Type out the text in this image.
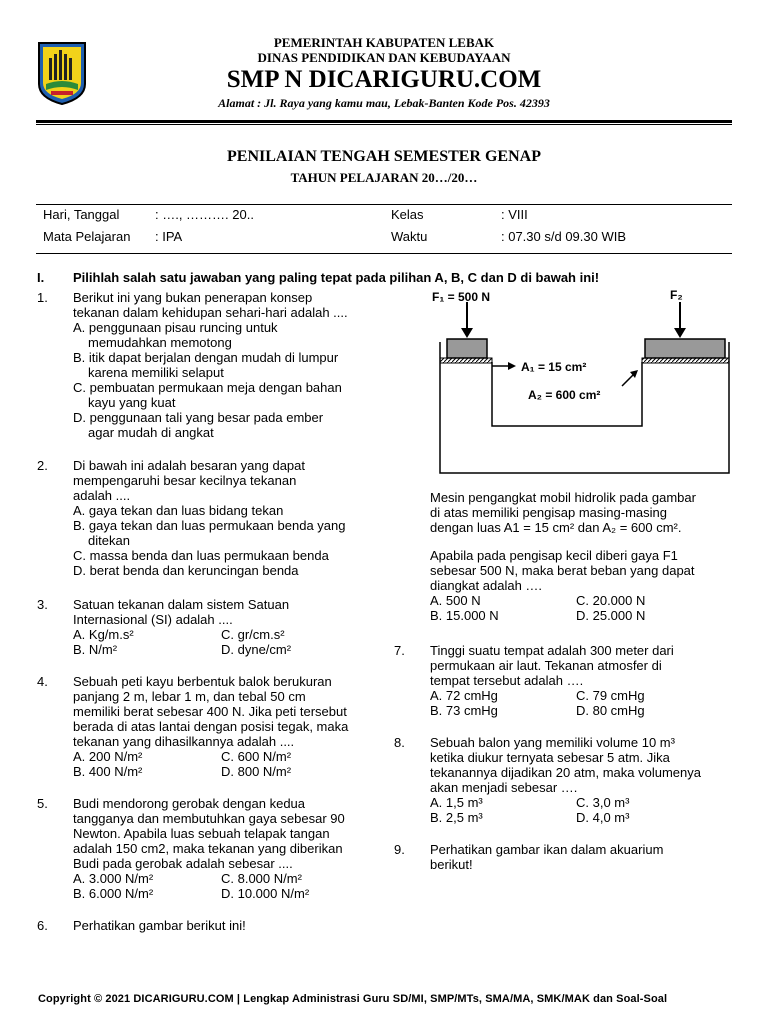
PEMERINTAH KABUPATEN LEBAK
DINAS PENDIDIKAN DAN KEBUDAYAAN
SMP N DICARIGURU.COM
Alamat : Jl. Raya yang kamu mau, Lebak-Banten Kode Pos. 42393
PENILAIAN TENGAH SEMESTER GENAP
TAHUN PELAJARAN 20…/20…
Hari, Tanggal	: …., ………. 20..	Kelas	: VIII
Mata Pelajaran : IPA	Waktu	: 07.30 s/d 09.30 WIB
I. Pilihlah salah satu jawaban yang paling tepat pada pilihan A, B, C dan D di bawah ini!
1. Berikut ini yang bukan penerapan konsep
tekanan dalam kehidupan sehari-hari adalah ....
A. penggunaan pisau runcing untuk
memudahkan memotong
B. itik dapat berjalan dengan mudah di lumpur
karena memiliki selaput
C. pembuatan permukaan meja dengan bahan
kayu yang kuat
D. penggunaan tali yang besar pada ember
agar mudah di angkat
2. Di bawah ini adalah besaran yang dapat
mempengaruhi besar kecilnya tekanan
adalah ....
A. gaya tekan dan luas bidang tekan
B. gaya tekan dan luas permukaan benda yang
ditekan
C. massa benda dan luas permukaan benda
D. berat benda dan keruncingan benda
3. Satuan tekanan dalam sistem Satuan
Internasional (SI) adalah ....
A. Kg/m.s²	C. gr/cm.s²
B. N/m²	D. dyne/cm²
4. Sebuah peti kayu berbentuk balok berukuran
panjang 2 m, lebar 1 m, dan tebal 50 cm
memiliki berat sebesar 400 N. Jika peti tersebut
berada di atas lantai dengan posisi tegak, maka
tekanan yang dihasilkannya adalah ....
A. 200 N/m²	C. 600 N/m²
B. 400 N/m²	D. 800 N/m²
5. Budi mendorong gerobak dengan kedua
tangganya dan membutuhkan gaya sebesar 90
Newton. Apabila luas sebuah telapak tangan
adalah 150 cm2, maka tekanan yang diberikan
Budi pada gerobak adalah sebesar ....
A. 3.000 N/m²	C. 8.000 N/m²
B. 6.000 N/m²	D. 10.000 N/m²
6. Perhatikan gambar berikut ini!
F₁ = 500 N	F₂
A₁ = 15 cm²
A₂ = 600 cm²
Mesin pengangkat mobil hidrolik pada gambar
di atas memiliki pengisap masing-masing
dengan luas A1 = 15 cm² dan A₂ = 600 cm².
Apabila pada pengisap kecil diberi gaya F1
sebesar 500 N, maka berat beban yang dapat
diangkat adalah ….
A. 500 N	C. 20.000 N
B. 15.000 N	D. 25.000 N
7. Tinggi suatu tempat adalah 300 meter dari
permukaan air laut. Tekanan atmosfer di
tempat tersebut adalah ….
A. 72 cmHg	C. 79 cmHg
B. 73 cmHg	D. 80 cmHg
8. Sebuah balon yang memiliki volume 10 m³
ketika diukur ternyata sebesar 5 atm. Jika
tekanannya dijadikan 20 atm, maka volumenya
akan menjadi sebesar ….
A. 1,5 m³	C. 3,0 m³
B. 2,5 m³	D. 4,0 m³
9. Perhatikan gambar ikan dalam akuarium
berikut!
Copyright © 2021 DICARIGURU.COM | Lengkap Administrasi Guru SD/MI, SMP/MTs, SMA/MA, SMK/MAK dan Soal-Soal
